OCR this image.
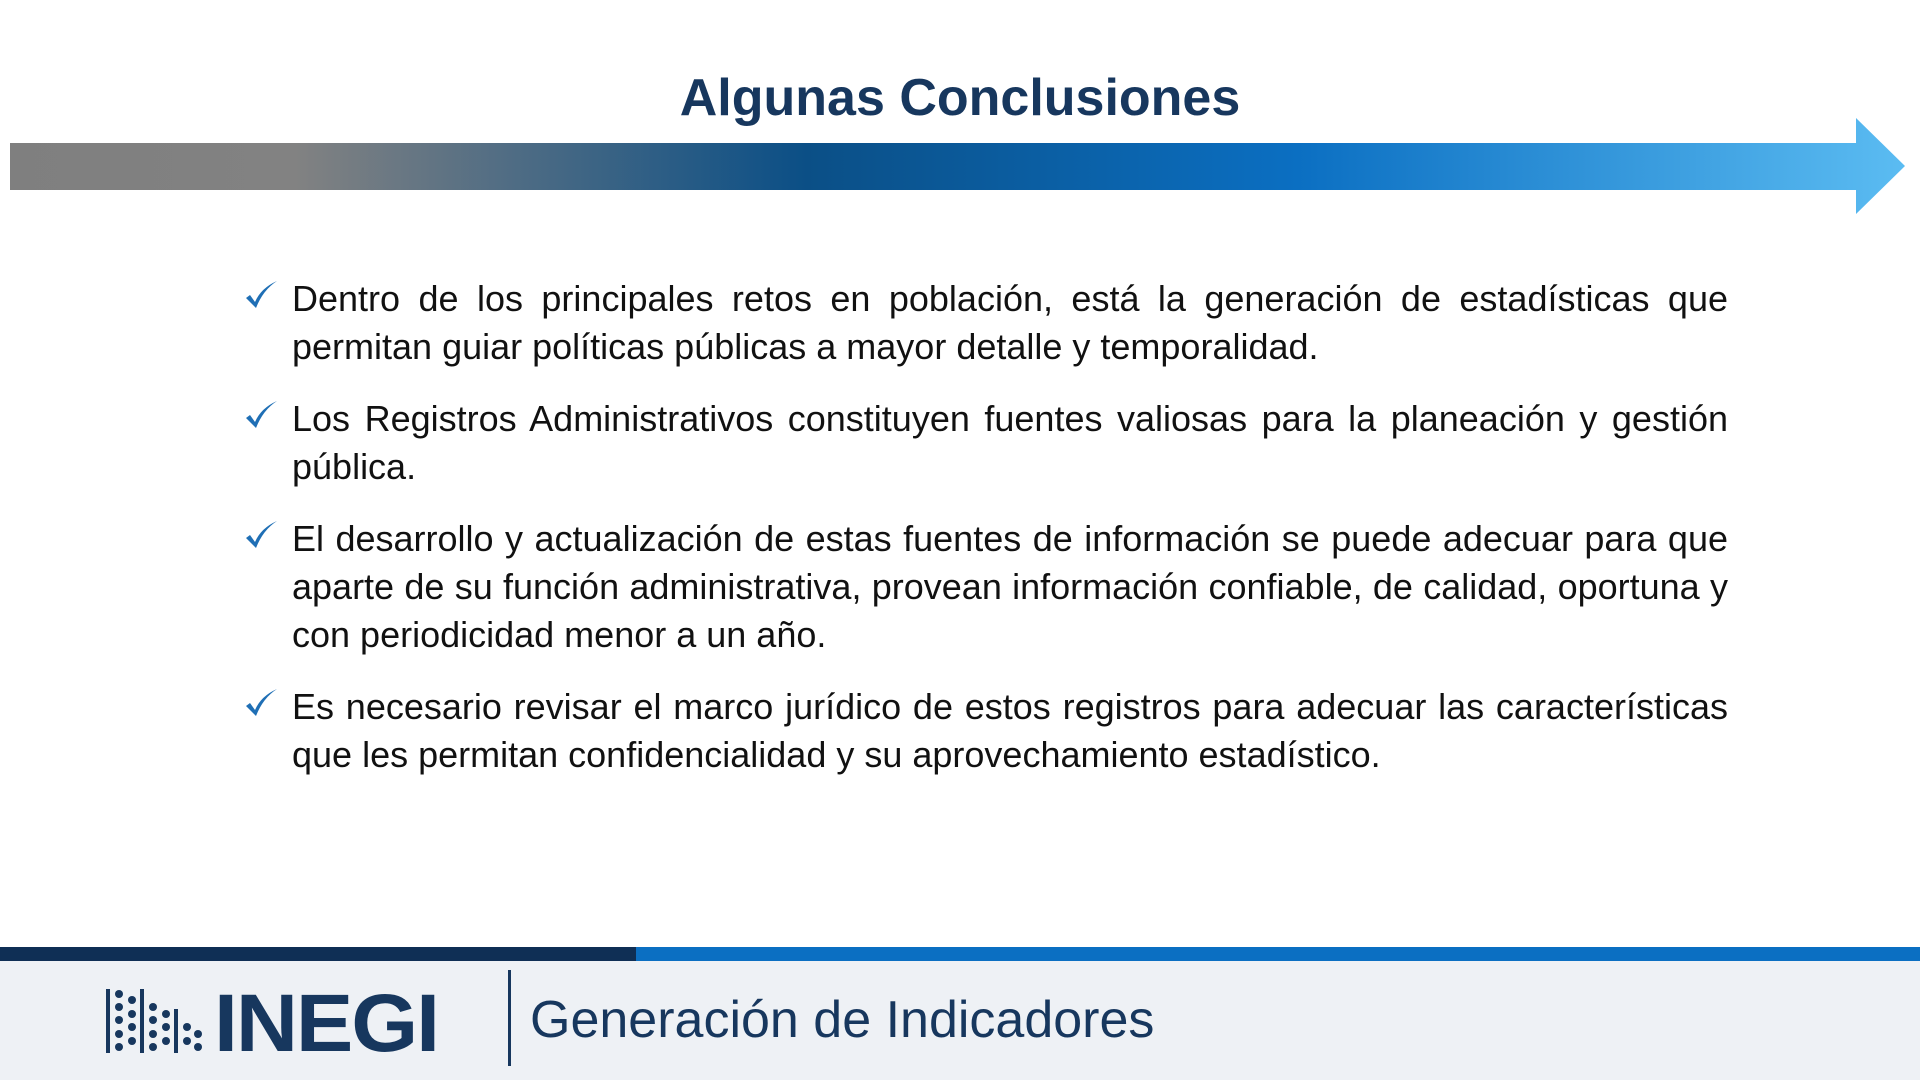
Algunas Conclusiones

Dentro de los principales retos en población, está la generación de estadísticas que permitan guiar políticas públicas a mayor detalle y temporalidad.

Los Registros Administrativos constituyen fuentes valiosas para la planeación y gestión pública.

El desarrollo y actualización de estas fuentes de información se puede adecuar para que aparte de su función administrativa, provean información confiable, de calidad, oportuna y con periodicidad menor a un año.

Es necesario revisar el marco jurídico de estos registros para adecuar las características que les permitan confidencialidad y su aprovechamiento estadístico.

INEGI Generación de Indicadores
